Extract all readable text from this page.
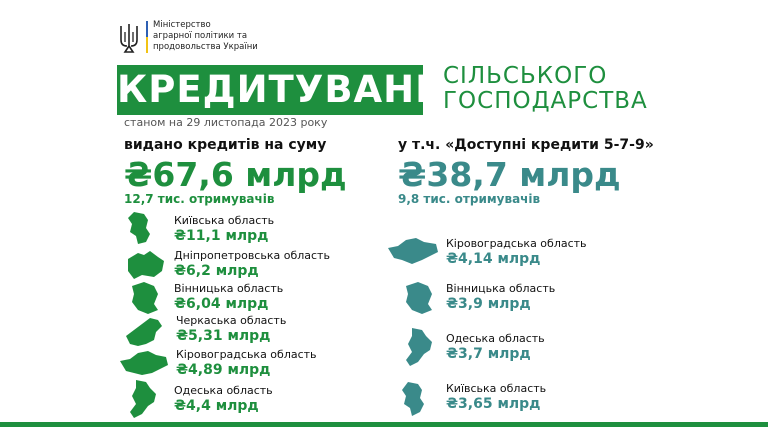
Міністерство
аграрної політики та
продовольства України
КРЕДИТУВАННЯ
СІЛЬСЬКОГО
ГОСПОДАРСТВА
станом на 29 листопада 2023 року
видано кредитів на суму
₴67,6 млрд
12,7 тис. отримувачів
у т.ч. «Доступні кредити 5-7-9»
₴38,7 млрд
9,8 тис. отримувачів
Київська область
₴11,1 млрд
Дніпропетровська область
₴6,2 млрд
Вінницька область
₴6,04 млрд
Черкаська область
₴5,31 млрд
Кіровоградська область
₴4,89 млрд
Одеська область
₴4,4 млрд
Кіровоградська область
₴4,14 млрд
Вінницька область
₴3,9 млрд
Одеська область
₴3,7 млрд
Київська область
₴3,65 млрд
